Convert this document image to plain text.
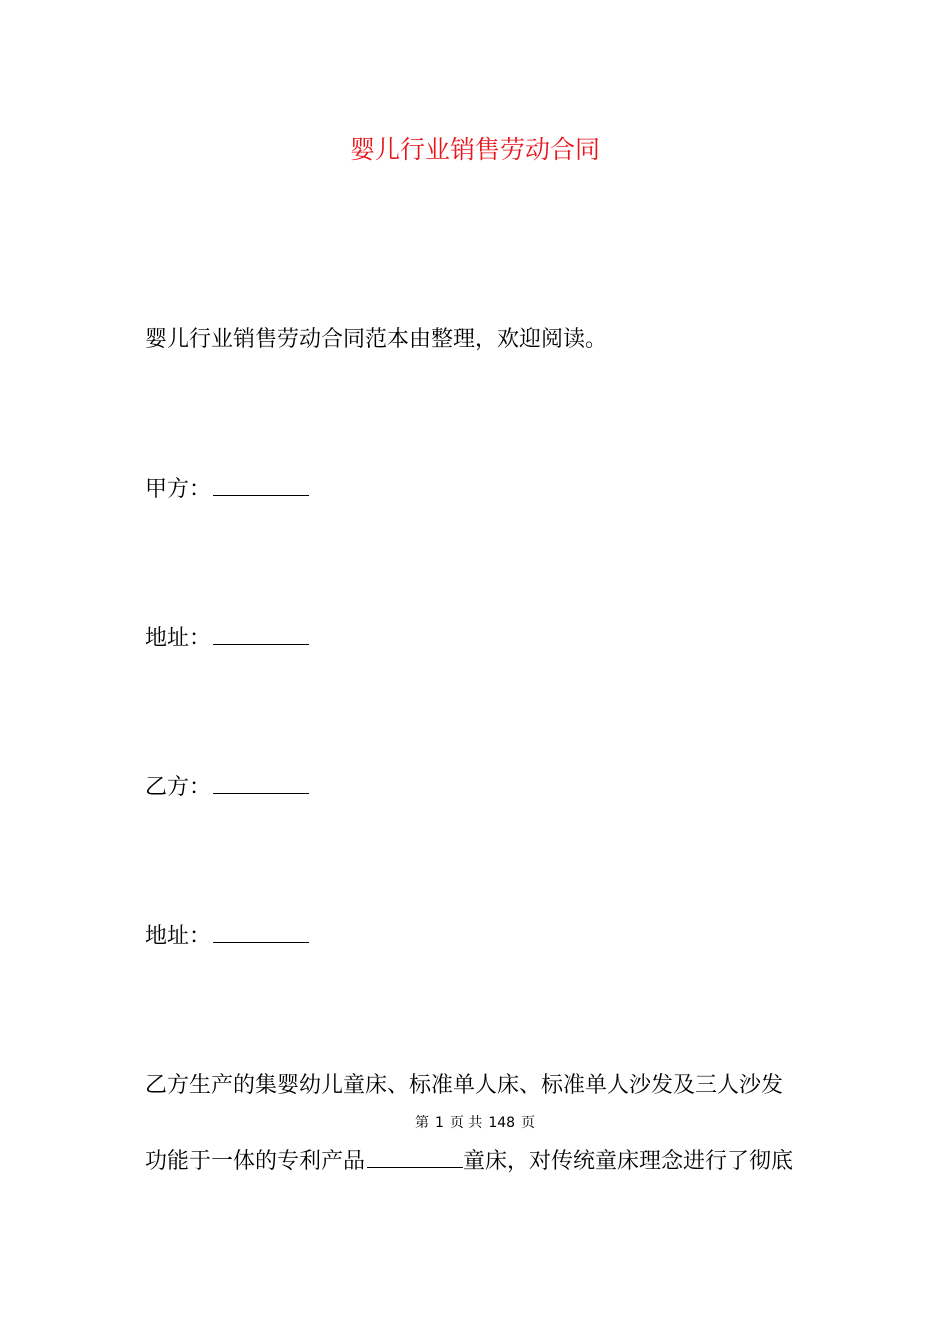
婴儿行业销售劳动合同
婴儿行业销售劳动合同范本由整理，欢迎阅读。
甲方：
地址：
乙方：
地址：
乙方生产的集婴幼儿童床、标准单人床、标准单人沙发及三人沙发
第 1 页 共 148 页
功能于一体的专利产品	童床，对传统童床理念进行了彻底
